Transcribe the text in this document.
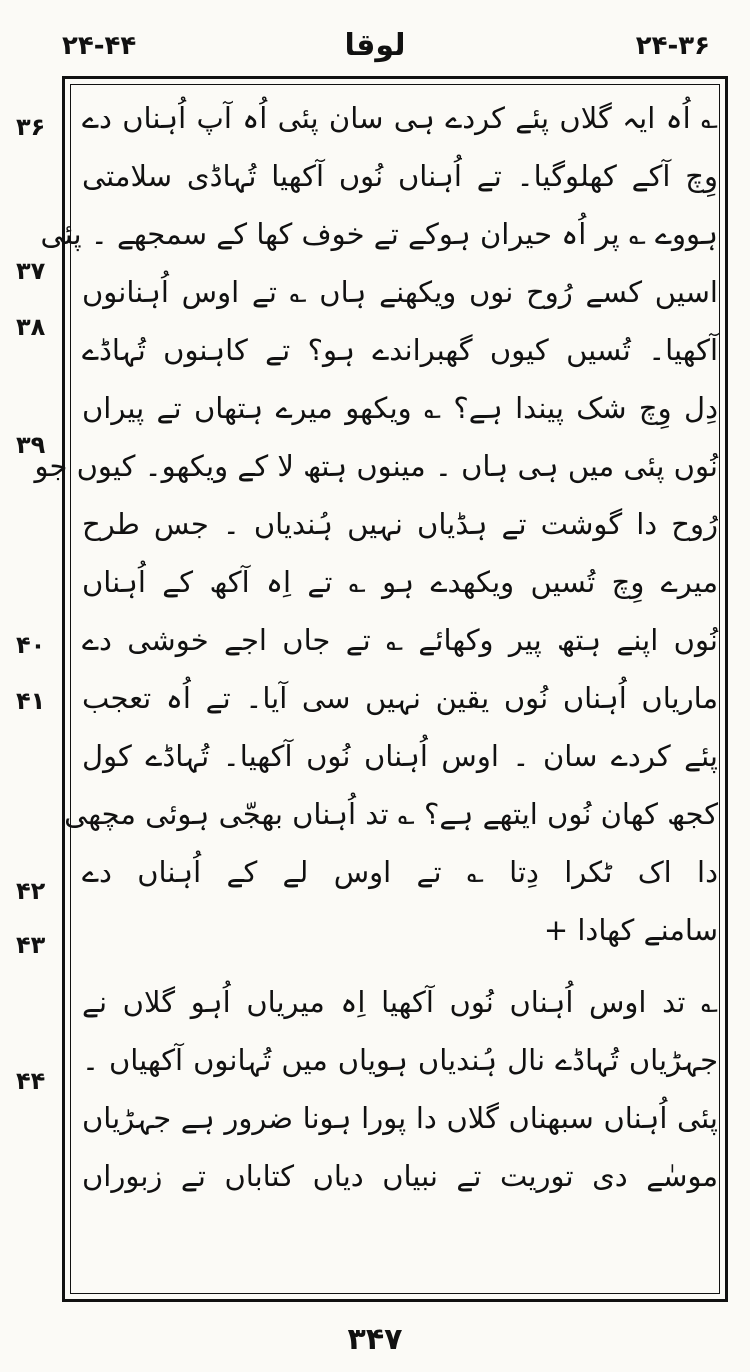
۲۴-۴۴	لوقا	۲۴-۳۶
؎ اُہ ایہ گلاں پئے کردے ہی سان پئی اُہ آپ اُہناں دے
وِچ آکے کھلوگیا۔ تے اُہناں نُوں آکھیا تُہاڈی سلامتی
ہووے ؎ پر اُہ حیران ہوکے تے خوف کھا کے سمجھے ۔ پئی
اسیں کسے رُوح نوں ویکھنے ہاں ؎ تے اوس اُہنانوں
آکھیا۔ تُسیں کیوں گھبراندے ہو؟ تے کاہنوں تُہاڈے
دِل وِچ شک پیندا ہے؟ ؎ ویکھو میرے ہتھاں تے پیراں
نُوں پئی میں ہی ہاں ۔ مینوں ہتھ لا کے ویکھو۔ کیوں جو
رُوح دا گوشت تے ہڈیاں نہیں ہُندیاں ۔ جس طرح
میرے وِچ تُسیں ویکھدے ہو ؎ تے اِہ آکھ کے اُہناں
نُوں اپنے ہتھ پیر وکھائے ؎ تے جاں اجے خوشی دے
ماریاں اُہناں نُوں یقین نہیں سی آیا۔ تے اُہ تعجب
پئے کردے سان ۔ اوس اُہناں نُوں آکھیا۔ تُہاڈے کول
کجھ کھان نُوں ایتھے ہے؟ ؎ تد اُہناں بھجّی ہوئی مچھی
دا اک ٹکرا دِتا ؎ تے اوس لے کے اُہناں دے
سامنے کھادا +
؎ تد اوس اُہناں نُوں آکھیا اِہ میریاں اُہو گلاں نے
جہڑیاں تُہاڈے نال ہُندیاں ہویاں میں تُہانوں آکھیاں ۔
پئی اُہناں سبھناں گلاں دا پورا ہونا ضرور ہے جہڑیاں
موسٰے دی توریت تے نبیاں دیاں کتاباں تے زبوراں
۳۶
۳۷
۳۸
۳۹
۴۰
۴۱
۴۲
۴۳
۴۴
۳۴۷
